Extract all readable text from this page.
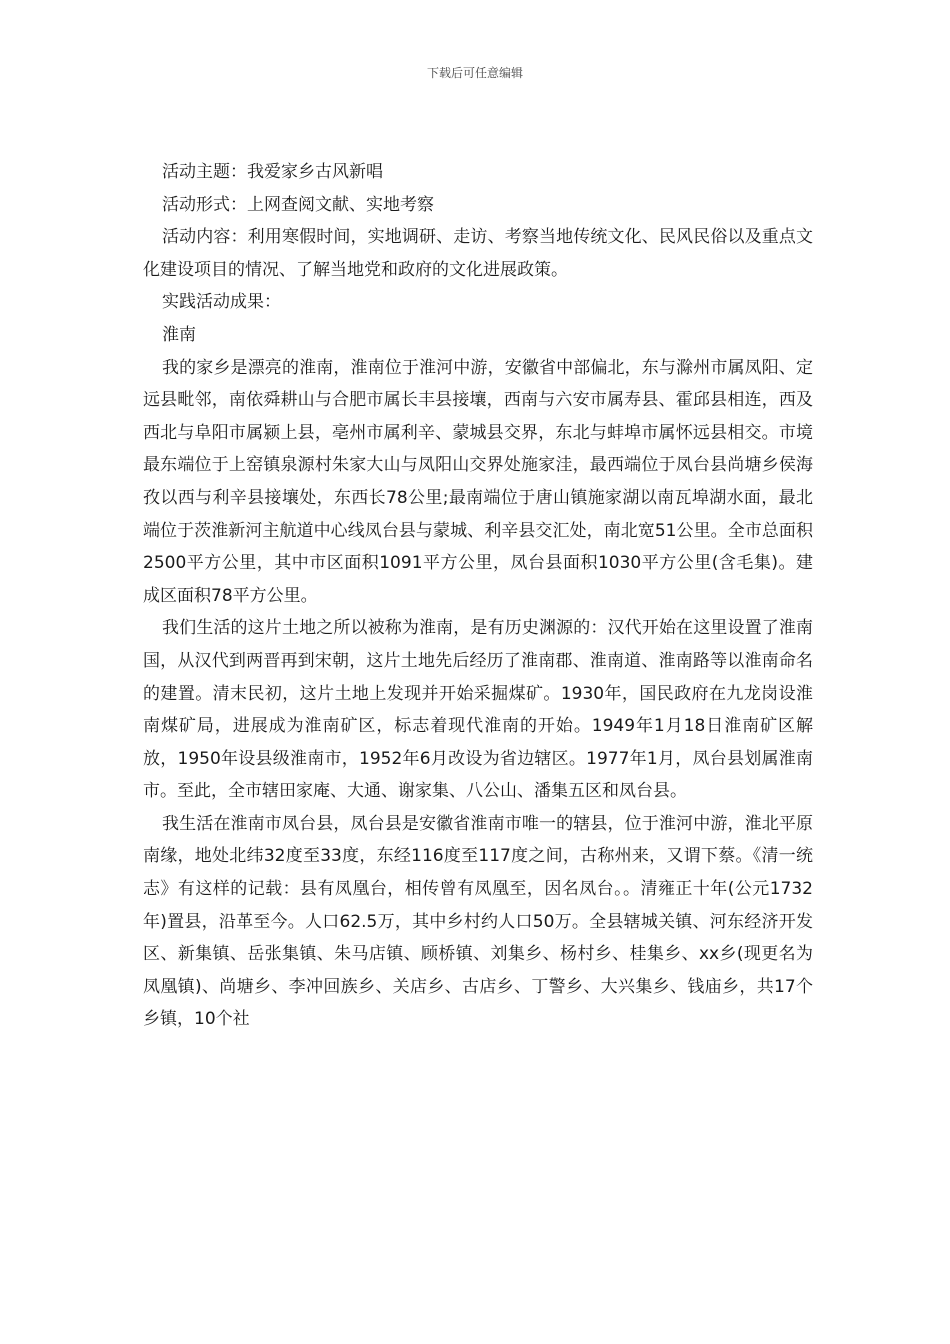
下载后可任意编辑

活动主题：我爱家乡古风新唱

活动形式：上网查阅文献、实地考察

活动内容：利用寒假时间，实地调研、走访、考察当地传统文化、民风民俗以及重点文化建设项目的情况、了解当地党和政府的文化进展政策。

实践活动成果：

淮南

我的家乡是漂亮的淮南，淮南位于淮河中游，安徽省中部偏北，东与滁州市属凤阳、定远县毗邻，南依舜耕山与合肥市属长丰县接壤，西南与六安市属寿县、霍邱县相连，西及西北与阜阳市属颍上县，亳州市属利辛、蒙城县交界，东北与蚌埠市属怀远县相交。市境最东端位于上窑镇泉源村朱家大山与凤阳山交界处施家洼，最西端位于凤台县尚塘乡侯海孜以西与利辛县接壤处，东西长78公里;最南端位于唐山镇施家湖以南瓦埠湖水面，最北端位于茨淮新河主航道中心线凤台县与蒙城、利辛县交汇处，南北宽51公里。全市总面积2500平方公里，其中市区面积1091平方公里，凤台县面积1030平方公里(含毛集)。建成区面积78平方公里。

我们生活的这片土地之所以被称为淮南，是有历史渊源的：汉代开始在这里设置了淮南国，从汉代到两晋再到宋朝，这片土地先后经历了淮南郡、淮南道、淮南路等以淮南命名的建置。清末民初，这片土地上发现并开始采掘煤矿。1930年，国民政府在九龙岗设淮南煤矿局，进展成为淮南矿区，标志着现代淮南的开始。1949年1月18日淮南矿区解放，1950年设县级淮南市，1952年6月改设为省边辖区。1977年1月，凤台县划属淮南市。至此，全市辖田家庵、大通、谢家集、八公山、潘集五区和凤台县。

我生活在淮南市凤台县，凤台县是安徽省淮南市唯一的辖县，位于淮河中游，淮北平原南缘，地处北纬32度至33度，东经116度至117度之间，古称州来，又谓下蔡。《清一统志》有这样的记载：县有凤凰台，相传曾有凤凰至，因名凤台。。清雍正十年(公元1732年)置县，沿革至今。人口62.5万，其中乡村约人口50万。全县辖城关镇、河东经济开发区、新集镇、岳张集镇、朱马店镇、顾桥镇、刘集乡、杨村乡、桂集乡、xx乡(现更名为凤凰镇)、尚塘乡、李冲回族乡、关店乡、古店乡、丁警乡、大兴集乡、钱庙乡，共17个乡镇，10个社
